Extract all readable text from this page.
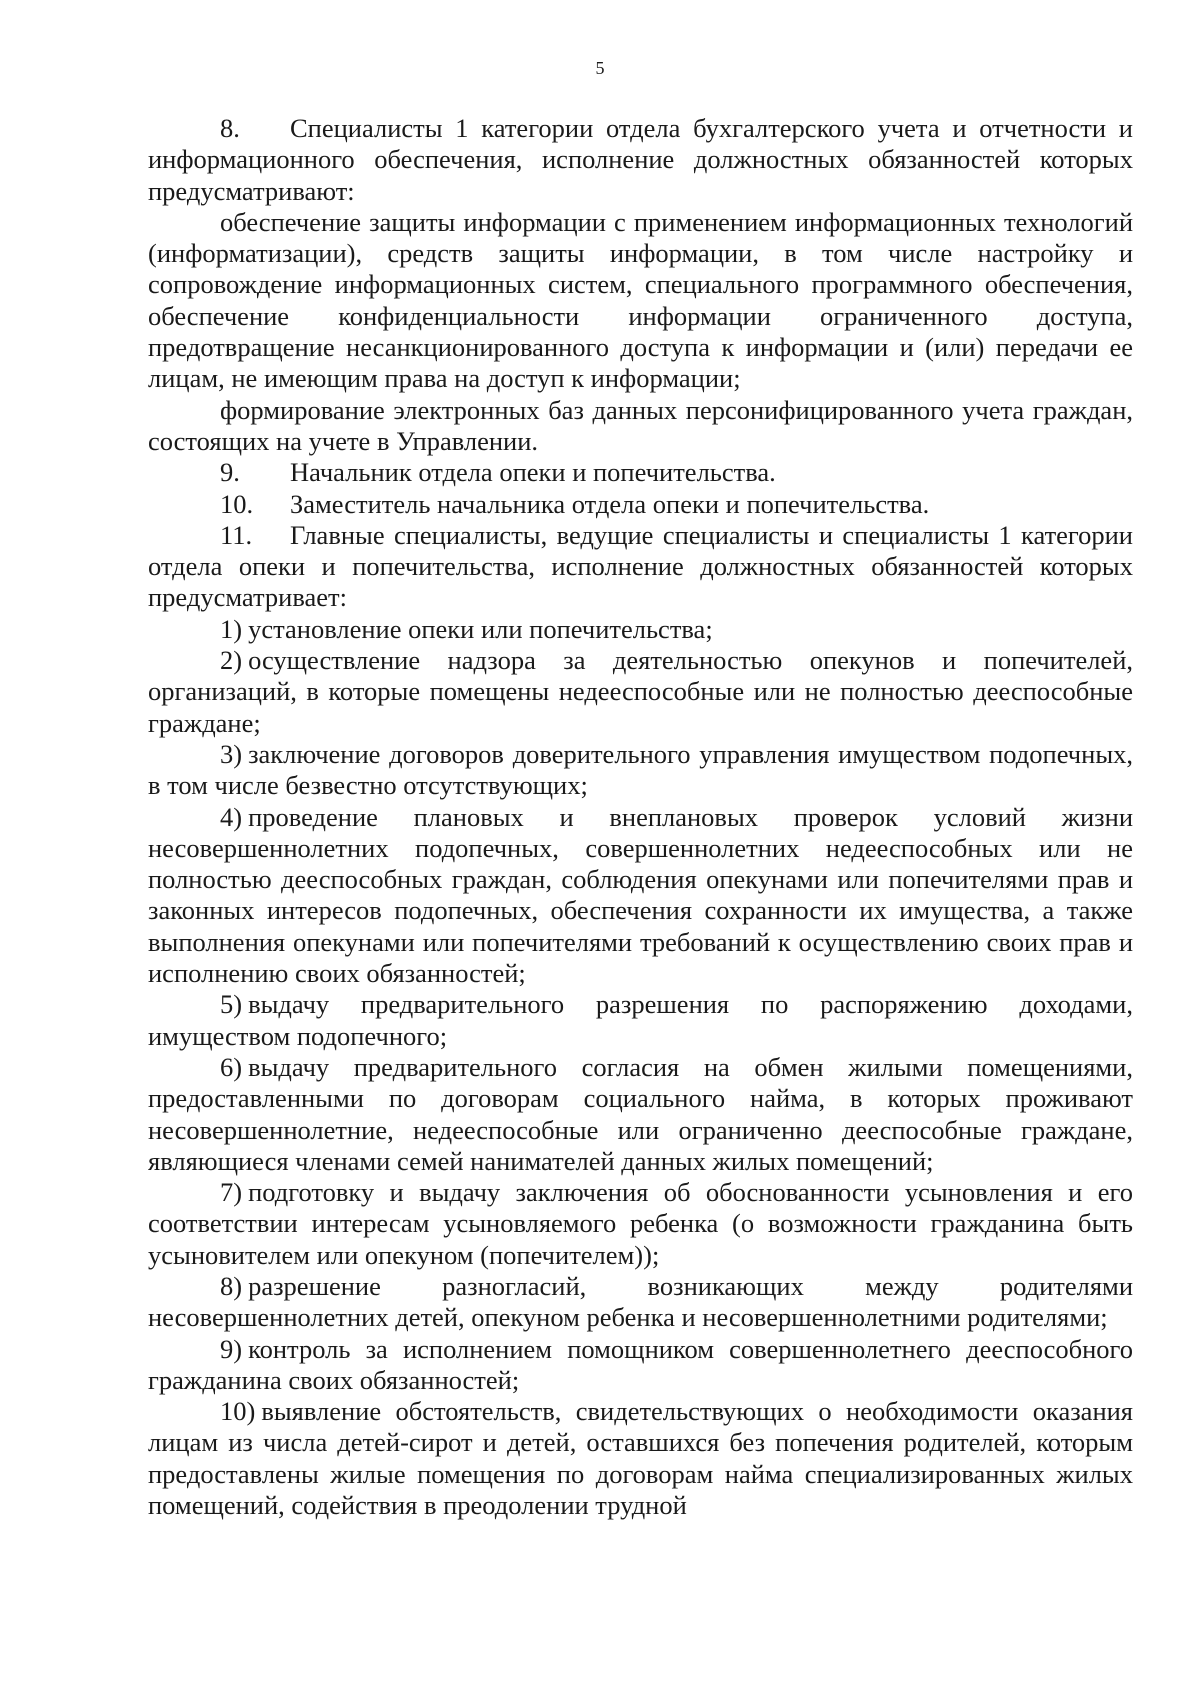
5

8. Специалисты 1 категории отдела бухгалтерского учета и отчетности и информационного обеспечения, исполнение должностных обязанностей которых предусматривают:

обеспечение защиты информации с применением информационных технологий (информатизации), средств защиты информации, в том числе настройку и сопровождение информационных систем, специального программного обеспечения, обеспечение конфиденциальности информации ограниченного доступа, предотвращение несанкционированного доступа к информации и (или) передачи ее лицам, не имеющим права на доступ к информации;

формирование электронных баз данных персонифицированного учета граждан, состоящих на учете в Управлении.

9. Начальник отдела опеки и попечительства.

10. Заместитель начальника отдела опеки и попечительства.

11. Главные специалисты, ведущие специалисты и специалисты 1 категории отдела опеки и попечительства, исполнение должностных обязанностей которых предусматривает:

1) установление опеки или попечительства;

2) осуществление надзора за деятельностью опекунов и попечителей, организаций, в которые помещены недееспособные или не полностью дееспособные граждане;

3) заключение договоров доверительного управления имуществом подопечных, в том числе безвестно отсутствующих;

4) проведение плановых и внеплановых проверок условий жизни несовершеннолетних подопечных, совершеннолетних недееспособных или не полностью дееспособных граждан, соблюдения опекунами или попечителями прав и законных интересов подопечных, обеспечения сохранности их имущества, а также выполнения опекунами или попечителями требований к осуществлению своих прав и исполнению своих обязанностей;

5) выдачу предварительного разрешения по распоряжению доходами, имуществом подопечного;

6) выдачу предварительного согласия на обмен жилыми помещениями, предоставленными по договорам социального найма, в которых проживают несовершеннолетние, недееспособные или ограниченно дееспособные граждане, являющиеся членами семей нанимателей данных жилых помещений;

7) подготовку и выдачу заключения об обоснованности усыновления и его соответствии интересам усыновляемого ребенка (о возможности гражданина быть усыновителем или опекуном (попечителем));

8) разрешение разногласий, возникающих между родителями несовершеннолетних детей, опекуном ребенка и несовершеннолетними родителями;

9) контроль за исполнением помощником совершеннолетнего дееспособного гражданина своих обязанностей;

10) выявление обстоятельств, свидетельствующих о необходимости оказания лицам из числа детей-сирот и детей, оставшихся без попечения родителей, которым предоставлены жилые помещения по договорам найма специализированных жилых помещений, содействия в преодолении трудной
